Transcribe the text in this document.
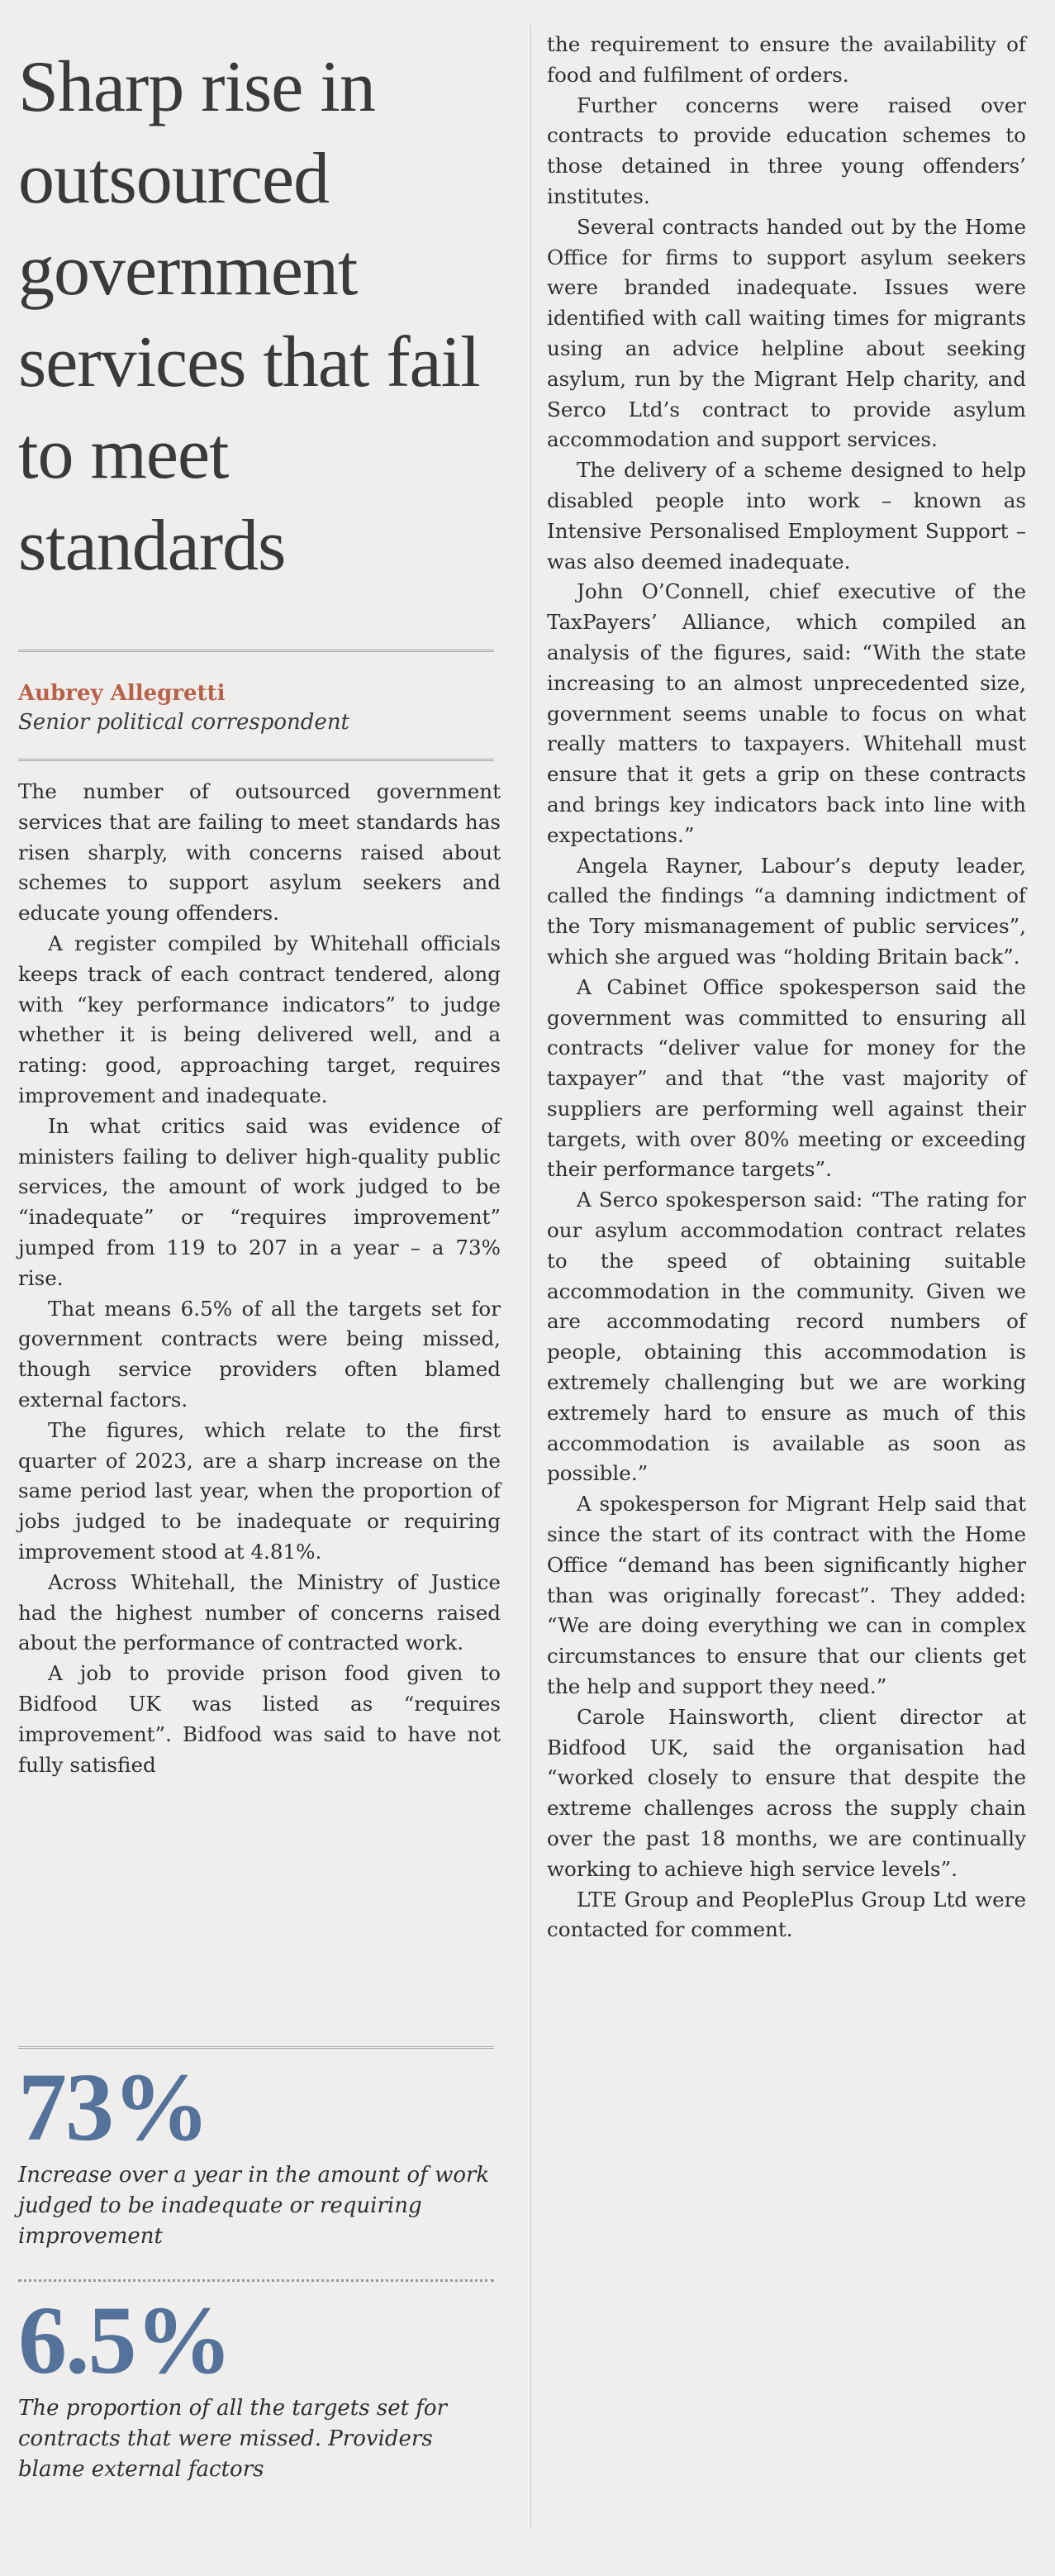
Sharp rise in outsourced government services that fail to meet standards

Aubrey Allegretti

Senior political correspondent

The number of outsourced government services that are failing to meet standards has risen sharply, with concerns raised about schemes to support asylum seekers and educate young offenders.

A register compiled by Whitehall officials keeps track of each contract tendered, along with “key performance indicators” to judge whether it is being delivered well, and a rating: good, approaching target, requires improvement and inadequate.

In what critics said was evidence of ministers failing to deliver high-quality public services, the amount of work judged to be “inadequate” or “requires improvement” jumped from 119 to 207 in a year – a 73% rise.

That means 6.5% of all the targets set for government contracts were being missed, though service providers often blamed external factors.

The figures, which relate to the first quarter of 2023, are a sharp increase on the same period last year, when the proportion of jobs judged to be inadequate or requiring improvement stood at 4.81%.

Across Whitehall, the Ministry of Justice had the highest number of concerns raised about the performance of contracted work.

A job to provide prison food given to Bidfood UK was listed as “requires improvement”. Bidfood was said to have not fully satisfied

73%

Increase over a year in the amount of work judged to be inadequate or requiring improvement

6.5%

The proportion of all the targets set for contracts that were missed. Providers blame external factors

the requirement to ensure the availability of food and fulfilment of orders.

Further concerns were raised over contracts to provide education schemes to those detained in three young offenders’ institutes.

Several contracts handed out by the Home Office for firms to support asylum seekers were branded inadequate. Issues were identified with call waiting times for migrants using an advice helpline about seeking asylum, run by the Migrant Help charity, and Serco Ltd’s contract to provide asylum accommodation and support services.

The delivery of a scheme designed to help disabled people into work – known as Intensive Personalised Employment Support – was also deemed inadequate.

John O’Connell, chief executive of the TaxPayers’ Alliance, which compiled an analysis of the figures, said: “With the state increasing to an almost unprecedented size, government seems unable to focus on what really matters to taxpayers. Whitehall must ensure that it gets a grip on these contracts and brings key indicators back into line with expectations.”

Angela Rayner, Labour’s deputy leader, called the findings “a damning indictment of the Tory mismanagement of public services”, which she argued was “holding Britain back”.

A Cabinet Office spokesperson said the government was committed to ensuring all contracts “deliver value for money for the taxpayer” and that “the vast majority of suppliers are performing well against their targets, with over 80% meeting or exceeding their performance targets”.

A Serco spokesperson said: “The rating for our asylum accommodation contract relates to the speed of obtaining suitable accommodation in the community. Given we are accommodating record numbers of people, obtaining this accommodation is extremely challenging but we are working extremely hard to ensure as much of this accommodation is available as soon as possible.”

A spokesperson for Migrant Help said that since the start of its contract with the Home Office “demand has been significantly higher than was originally forecast”. They added: “We are doing everything we can in complex circumstances to ensure that our clients get the help and support they need.”

Carole Hainsworth, client director at Bidfood UK, said the organisation had “worked closely to ensure that despite the extreme challenges across the supply chain over the past 18 months, we are continually working to achieve high service levels”.

LTE Group and PeoplePlus Group Ltd were contacted for comment.
